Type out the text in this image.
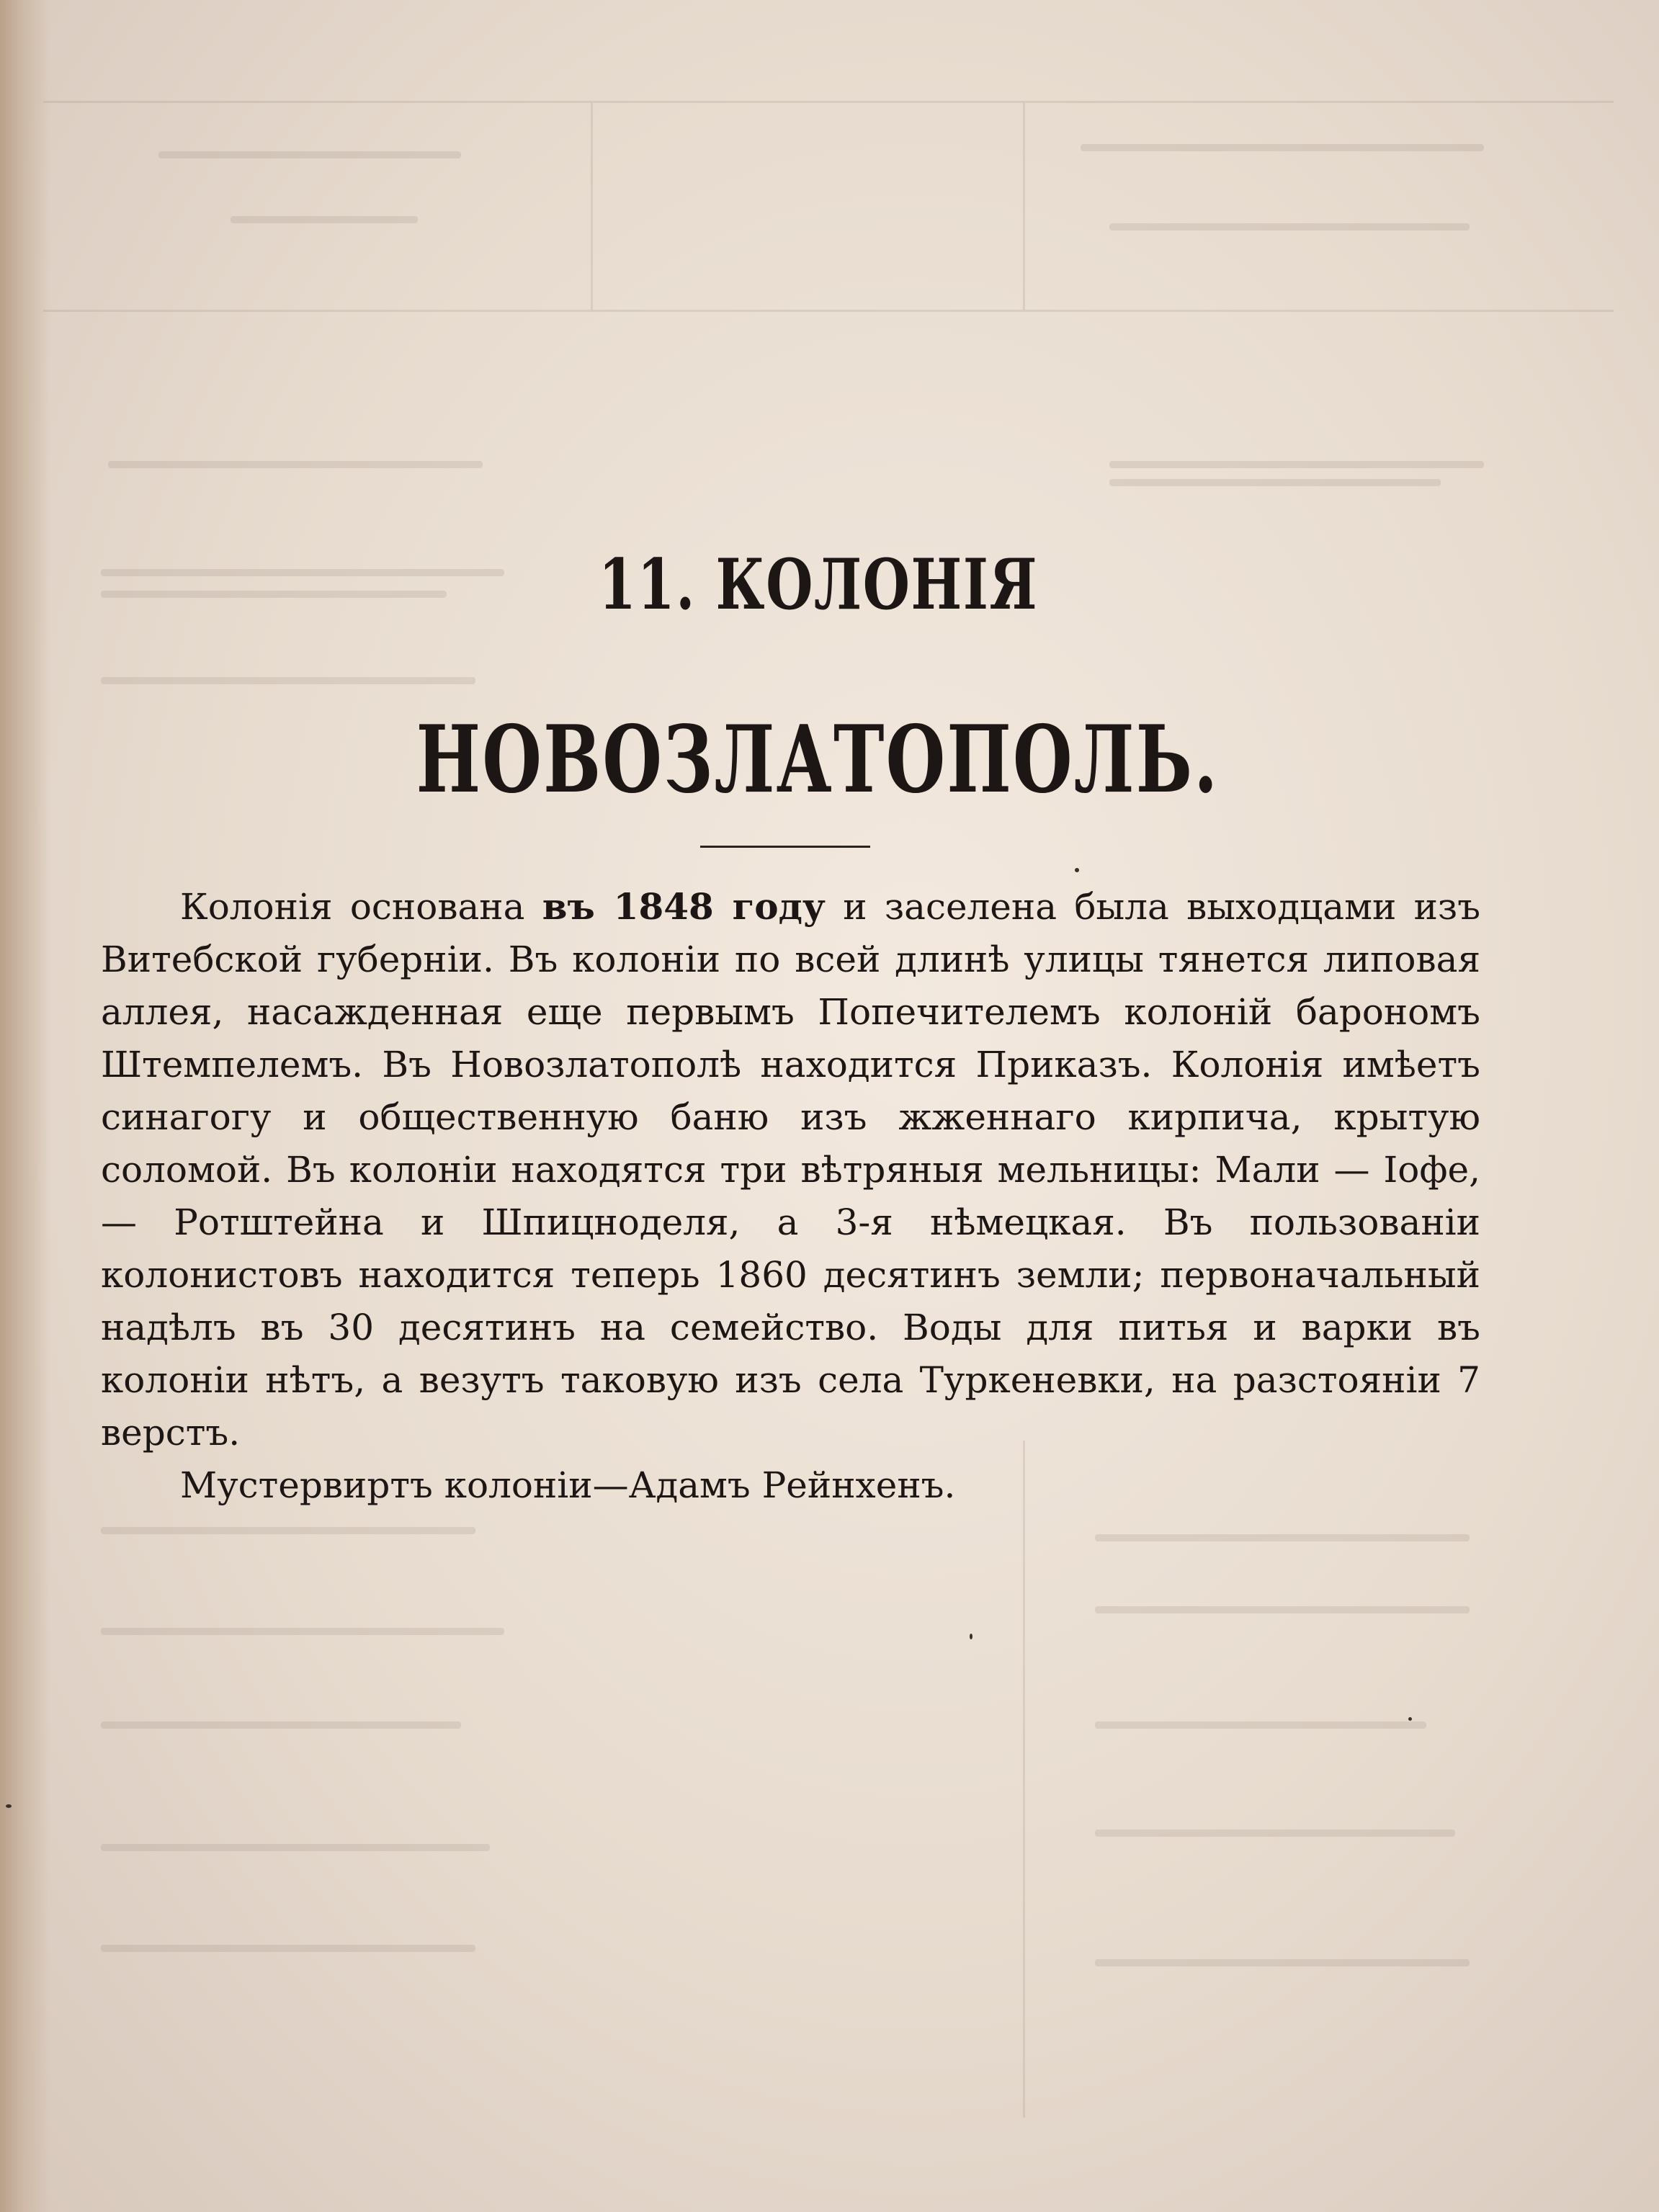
11. КОЛОНІЯ
НОВОЗЛАТОПОЛЬ.

Колонія основана въ 1848 году и заселена была выходцами изъ Витебской губерніи. Въ колоніи по всей длинѣ улицы тянется липовая аллея, насажденная еще первымъ Попечителемъ колоній барономъ Штемпелемъ. Въ Новозлатополѣ находится Приказъ. Колонія имѣетъ синагогу и общественную баню изъ жженнаго кирпича, крытую соломой. Въ колоніи находятся три вѣтряныя мельницы: Мали — Іофе, — Ротштейна и Шпицноделя, а 3-я нѣмецкая. Въ пользованіи колонистовъ находится теперь 1860 десятинъ земли; первоначальный надѣлъ въ 30 десятинъ на семейство. Воды для питья и варки въ колоніи нѣтъ, а везутъ таковую изъ села Туркеневки, на разстояніи 7 верстъ.

Мустервиртъ колоніи—Адамъ Рейнхенъ.
